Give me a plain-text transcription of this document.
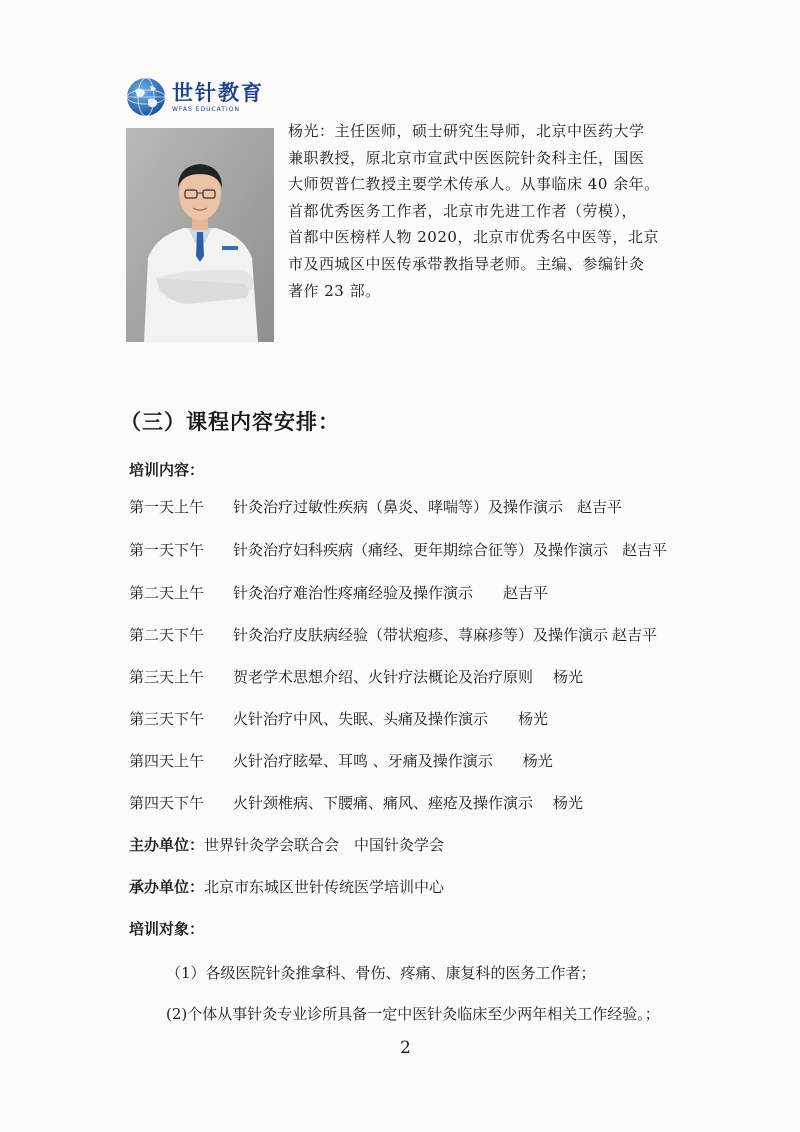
世针教育
WFAS EDUCATION
杨光：主任医师，硕士研究生导师，北京中医药大学
兼职教授，原北京市宣武中医医院针灸科主任，国医
大师贺普仁教授主要学术传承人。从事临床 40 余年。
首都优秀医务工作者，北京市先进工作者（劳模），
首都中医榜样人物 2020，北京市优秀名中医等，北京
市及西城区中医传承带教指导老师。主编、参编针灸
著作 23 部。
（三）课程内容安排：
培训内容：
第一天上午 针灸治疗过敏性疾病（鼻炎、哮喘等）及操作演示 赵吉平
第一天下午 针灸治疗妇科疾病（痛经、更年期综合征等）及操作演示 赵吉平
第二天上午 针灸治疗难治性疼痛经验及操作演示 赵吉平
第二天下午 针灸治疗皮肤病经验（带状疱疹、荨麻疹等）及操作演示 赵吉平
第三天上午 贺老学术思想介绍、火针疗法概论及治疗原则 杨光
第三天下午 火针治疗中风、失眠、头痛及操作演示 杨光
第四天上午 火针治疗眩晕、耳鸣 、牙痛及操作演示 杨光
第四天下午 火针颈椎病、下腰痛、痛风、痤疮及操作演示 杨光
主办单位：世界针灸学会联合会　中国针灸学会
承办单位：北京市东城区世针传统医学培训中心
培训对象：
（1）各级医院针灸推拿科、骨伤、疼痛、康复科的医务工作者；
(2)个体从事针灸专业诊所具备一定中医针灸临床至少两年相关工作经验。；
2
